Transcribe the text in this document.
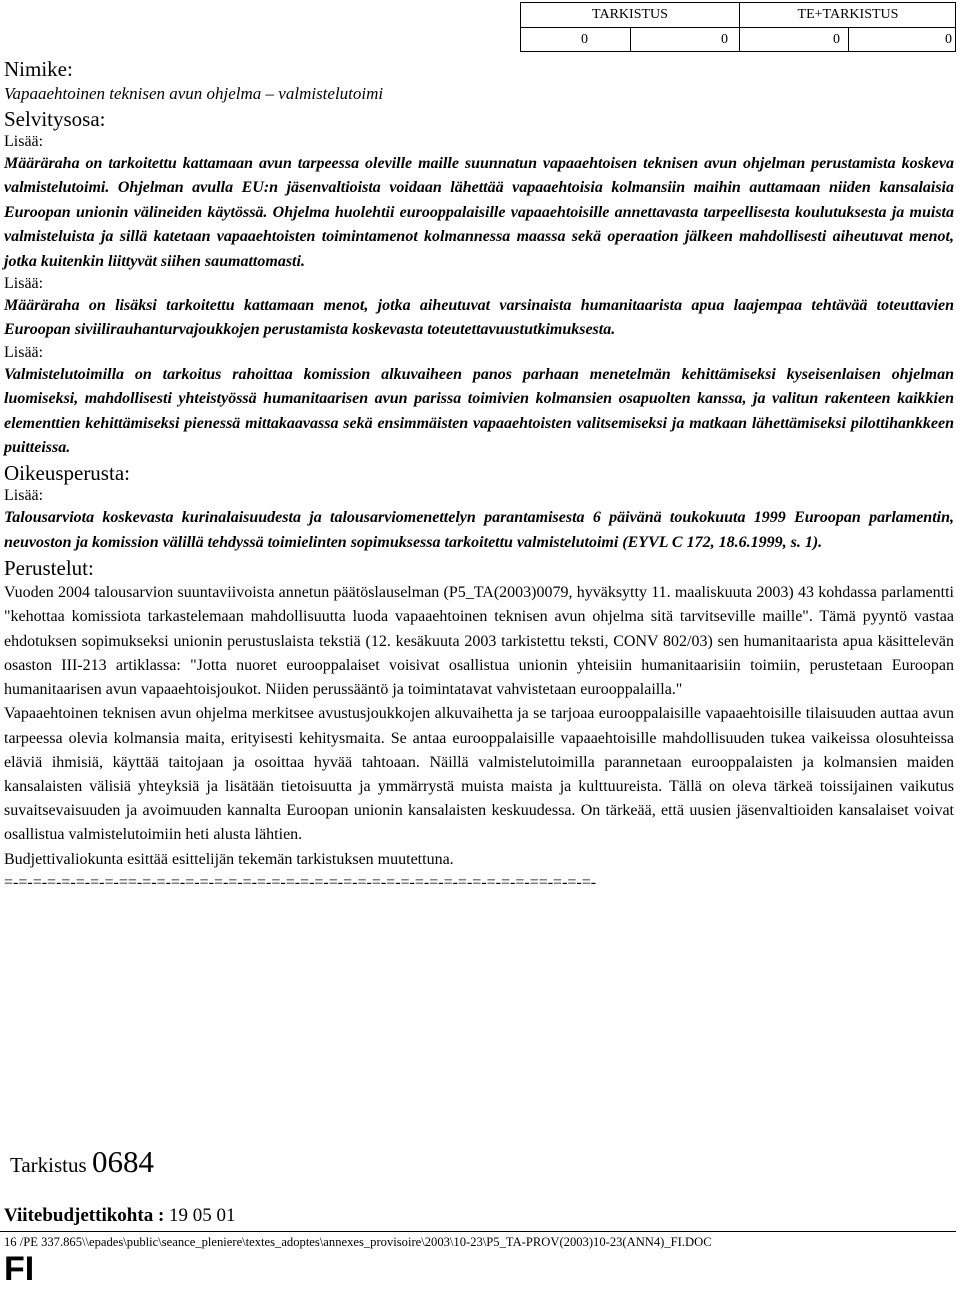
TARKISTUS	TE+TARKISTUS
0	0	0	0

Nimike:

Vapaaehtoinen teknisen avun ohjelma – valmistelutoimi

Selvitysosa:

Lisää:

Määräraha on tarkoitettu kattamaan avun tarpeessa oleville maille suunnatun vapaaehtoisen teknisen avun ohjelman perustamista koskeva valmistelutoimi. Ohjelman avulla EU:n jäsenvaltioista voidaan lähettää vapaaehtoisia kolmansiin maihin auttamaan niiden kansalaisia Euroopan unionin välineiden käytössä. Ohjelma huolehtii eurooppalaisille vapaaehtoisille annettavasta tarpeellisesta koulutuksesta ja muista valmisteluista ja sillä katetaan vapaaehtoisten toimintamenot kolmannessa maassa sekä operaation jälkeen mahdollisesti aiheutuvat menot, jotka kuitenkin liittyvät siihen saumattomasti.

Lisää:

Määräraha on lisäksi tarkoitettu kattamaan menot, jotka aiheutuvat varsinaista humanitaarista apua laajempaa tehtävää toteuttavien Euroopan siviilirauhanturvajoukkojen perustamista koskevasta toteutettavuustutkimuksesta.

Lisää:

Valmistelutoimilla on tarkoitus rahoittaa komission alkuvaiheen panos parhaan menetelmän kehittämiseksi kyseisenlaisen ohjelman luomiseksi, mahdollisesti yhteistyössä humanitaarisen avun parissa toimivien kolmansien osapuolten kanssa, ja valitun rakenteen kaikkien elementtien kehittämiseksi pienessä mittakaavassa sekä ensimmäisten vapaaehtoisten valitsemiseksi ja matkaan lähettämiseksi pilottihankkeen puitteissa.

Oikeusperusta:

Lisää:

Talousarviota koskevasta kurinalaisuudesta ja talousarviomenettelyn parantamisesta 6 päivänä toukokuuta 1999 Euroopan parlamentin, neuvoston ja komission välillä tehdyssä toimielinten sopimuksessa tarkoitettu valmistelutoimi (EYVL C 172, 18.6.1999, s. 1).

Perustelut:

Vuoden 2004 talousarvion suuntaviivoista annetun päätöslauselman (P5_TA(2003)0079, hyväksytty 11. maaliskuuta 2003) 43 kohdassa parlamentti "kehottaa komissiota tarkastelemaan mahdollisuutta luoda vapaaehtoinen teknisen avun ohjelma sitä tarvitseville maille". Tämä pyyntö vastaa ehdotuksen sopimukseksi unionin perustuslaista tekstiä (12. kesäkuuta 2003 tarkistettu teksti, CONV 802/03) sen humanitaarista apua käsittelevän osaston III-213 artiklassa: "Jotta nuoret eurooppalaiset voisivat osallistua unionin yhteisiin humanitaarisiin toimiin, perustetaan Euroopan humanitaarisen avun vapaaehtoisjoukot. Niiden perussääntö ja toimintatavat vahvistetaan eurooppalailla."

Vapaaehtoinen teknisen avun ohjelma merkitsee avustusjoukkojen alkuvaihetta ja se tarjoaa eurooppalaisille vapaaehtoisille tilaisuuden auttaa avun tarpeessa olevia kolmansia maita, erityisesti kehitysmaita. Se antaa eurooppalaisille vapaaehtoisille mahdollisuuden tukea vaikeissa olosuhteissa eläviä ihmisiä, käyttää taitojaan ja osoittaa hyvää tahtoaan. Näillä valmistelutoimilla parannetaan eurooppalaisten ja kolmansien maiden kansalaisten välisiä yhteyksiä ja lisätään tietoisuutta ja ymmärrystä muista maista ja kulttuureista. Tällä on oleva tärkeä toissijainen vaikutus suvaitsevaisuuden ja avoimuuden kannalta Euroopan unionin kansalaisten keskuudessa. On tärkeää, että uusien jäsenvaltioiden kansalaiset voivat osallistua valmistelutoimiin heti alusta lähtien.

Budjettivaliokunta esittää esittelijän tekemän tarkistuksen muutettuna.

=-=-=-=-=-=-=-=-==-=-=-=-=-=-=-=-=-=-=-=-=-=-=-=-=-=-=-=-=-=-=-=-=-=-=-=-==-=-=-=-

Tarkistus 0684
Viitebudjettikohta : 19 05 01
16 /PE 337.865\\epades\public\seance_pleniere\textes_adoptes\annexes_provisoire\2003\10-23\P5_TA-PROV(2003)10-23(ANN4)_FI.DOC
FI
